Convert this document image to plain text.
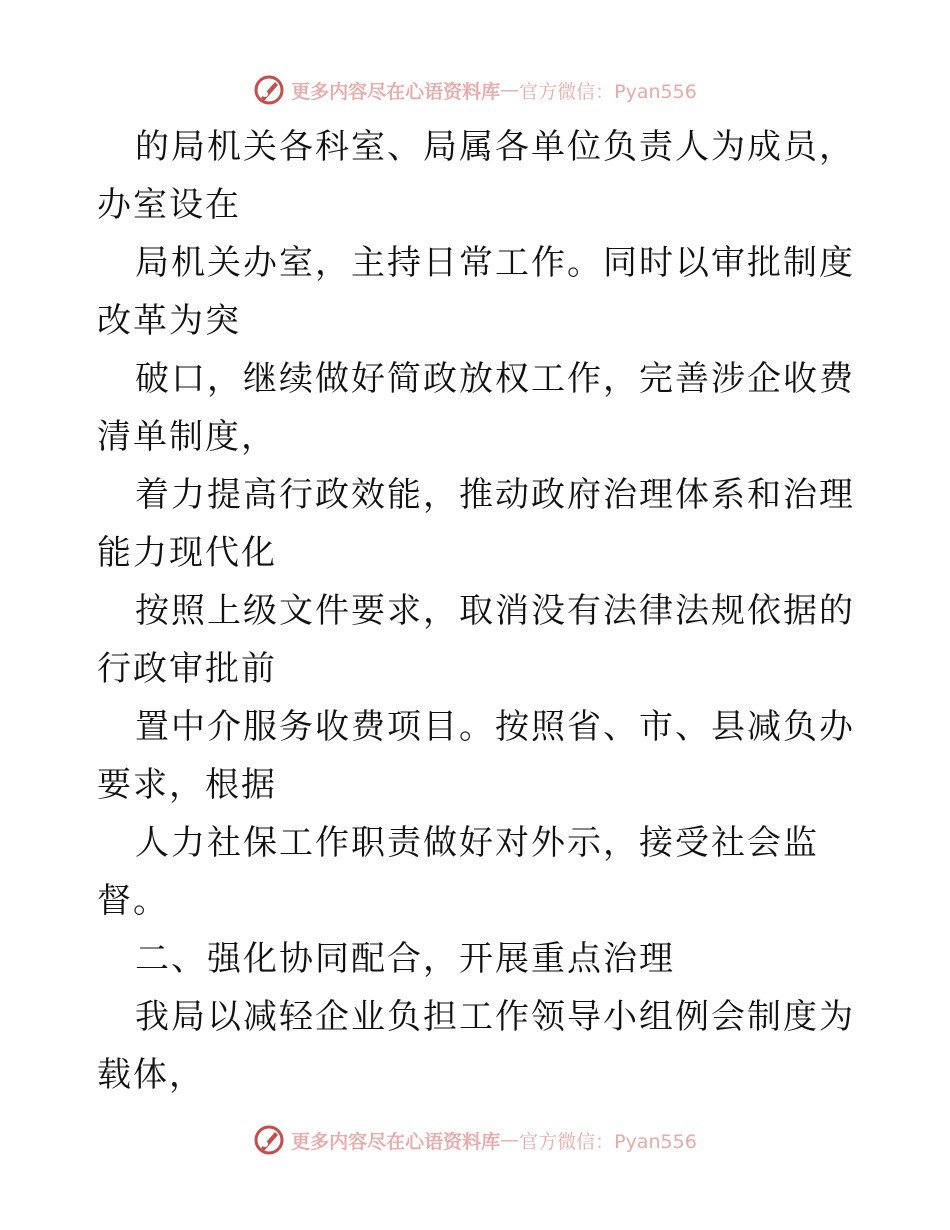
更多内容尽在心语资料库 — 官方微信：Pyan556

的局机关各科室、局属各单位负责人为成员，办室设在

局机关办室，主持日常工作。同时以审批制度改革为突

破口，继续做好简政放权工作，完善涉企收费清单制度，

着力提高行政效能，推动政府治理体系和治理能力现代化

按照上级文件要求，取消没有法律法规依据的行政审批前

置中介服务收费项目。按照省、市、县减负办要求，根据

人力社保工作职责做好对外示，接受社会监督。

二、强化协同配合，开展重点治理

我局以减轻企业负担工作领导小组例会制度为载体，

更多内容尽在心语资料库 — 官方微信：Pyan556
